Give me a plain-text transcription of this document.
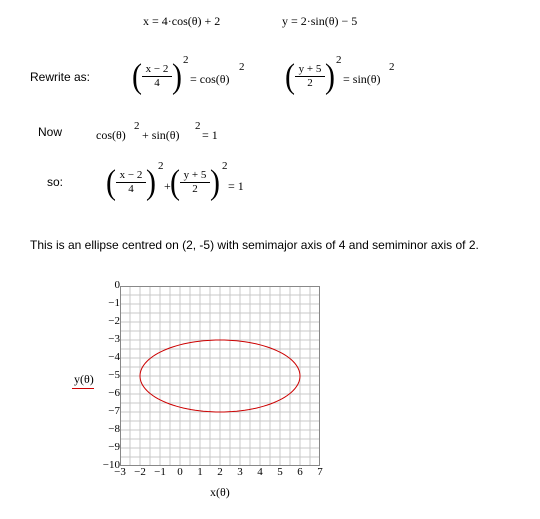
x = 4·cos(θ) + 2	y = 2·sin(θ) − 5
Rewrite as: ( $\frac{x - 2}{4}$ ) 2
= cos(θ)
2 ( $\frac{y + 5}{2}$ ) 2
= sin(θ)
2
Now	cos(θ)
2
+ sin(θ)
2
= 1
so: ( $\frac{x - 2}{4}$ ) 2
+ ( $\frac{y + 5}{2}$ ) 2
= 1
This is an ellipse centred on (2, -5) with semimajor axis of 4 and semiminor axis of 2.
0
−1
−2
−3
−4
−5
−6
−7
−8
−9
−10
y(θ)
−3 −2 −1	0	1	2	3	4	5	6	7
x(θ)
